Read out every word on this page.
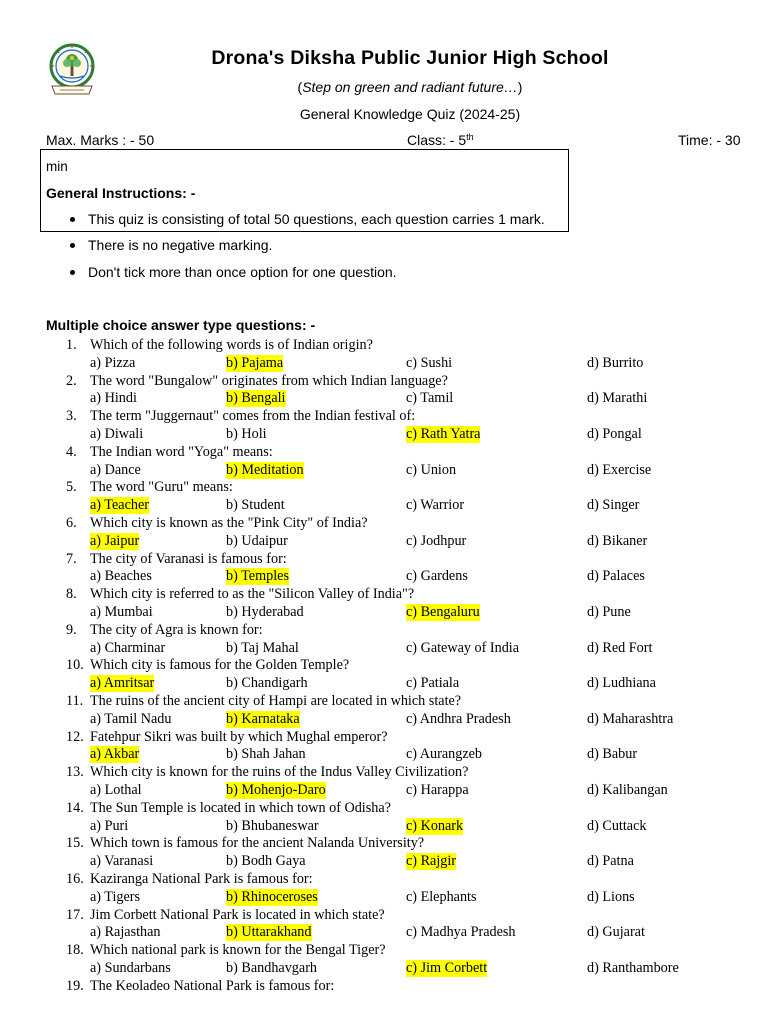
Drona's Diksha Public Junior High School
(Step on green and radiant future…)
General Knowledge Quiz (2024-25)
Max. Marks : - 50	Class: - 5th	Time: - 30
min
General Instructions: -
This quiz is consisting of total 50 questions, each question carries 1 mark.
There is no negative marking.
Don't tick more than once option for one question.
Multiple choice answer type questions: -
1. Which of the following words is of Indian origin?
a) Pizza	b) Pajama	c) Sushi	d) Burrito
2. The word "Bungalow" originates from which Indian language?
a) Hindi	b) Bengali	c) Tamil	d) Marathi
3. The term "Juggernaut" comes from the Indian festival of:
a) Diwali	b) Holi	c) Rath Yatra	d) Pongal
4. The Indian word "Yoga" means:
a) Dance	b) Meditation	c) Union	d) Exercise
5. The word "Guru" means:
a) Teacher	b) Student	c) Warrior	d) Singer
6. Which city is known as the "Pink City" of India?
a) Jaipur	b) Udaipur	c) Jodhpur	d) Bikaner
7. The city of Varanasi is famous for:
a) Beaches	b) Temples	c) Gardens	d) Palaces
8. Which city is referred to as the "Silicon Valley of India"?
a) Mumbai	b) Hyderabad	c) Bengaluru	d) Pune
9. The city of Agra is known for:
a) Charminar	b) Taj Mahal	c) Gateway of India	d) Red Fort
10. Which city is famous for the Golden Temple?
a) Amritsar	b) Chandigarh	c) Patiala	d) Ludhiana
11. The ruins of the ancient city of Hampi are located in which state?
a) Tamil Nadu	b) Karnataka	c) Andhra Pradesh	d) Maharashtra
12. Fatehpur Sikri was built by which Mughal emperor?
a) Akbar	b) Shah Jahan	c) Aurangzeb	d) Babur
13. Which city is known for the ruins of the Indus Valley Civilization?
a) Lothal	b) Mohenjo-Daro	c) Harappa	d) Kalibangan
14. The Sun Temple is located in which town of Odisha?
a) Puri	b) Bhubaneswar	c) Konark	d) Cuttack
15. Which town is famous for the ancient Nalanda University?
a) Varanasi	b) Bodh Gaya	c) Rajgir	d) Patna
16. Kaziranga National Park is famous for:
a) Tigers	b) Rhinoceroses	c) Elephants	d) Lions
17. Jim Corbett National Park is located in which state?
a) Rajasthan	b) Uttarakhand	c) Madhya Pradesh	d) Gujarat
18. Which national park is known for the Bengal Tiger?
a) Sundarbans	b) Bandhavgarh	c) Jim Corbett	d) Ranthambore
19. The Keoladeo National Park is famous for:
